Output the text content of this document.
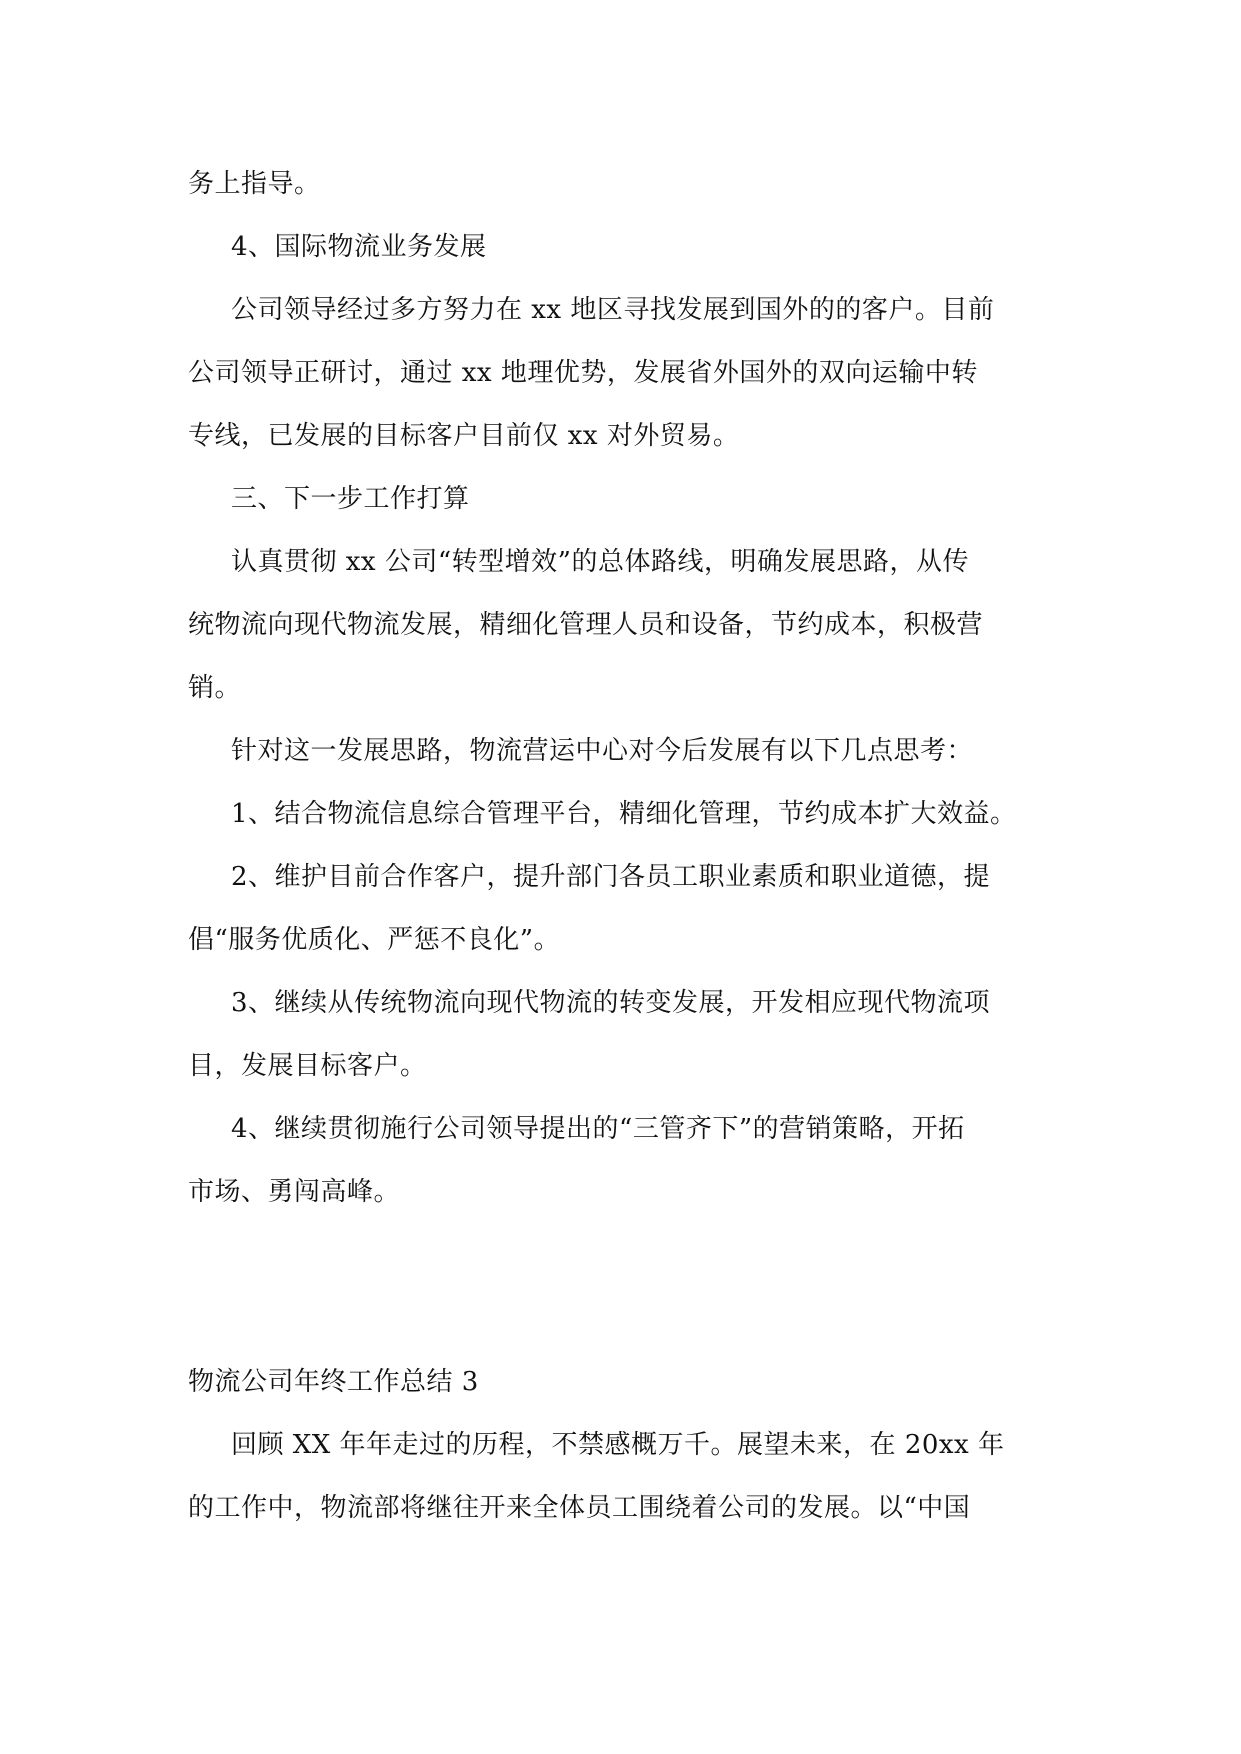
务上指导。
4、国际物流业务发展
公司领导经过多方努力在 xx 地区寻找发展到国外的的客户。目前
公司领导正研讨，通过 xx 地理优势，发展省外国外的双向运输中转
专线，已发展的目标客户目前仅 xx 对外贸易。
三、下一步工作打算
认真贯彻 xx 公司“转型增效”的总体路线，明确发展思路，从传
统物流向现代物流发展，精细化管理人员和设备，节约成本，积极营
销。
针对这一发展思路，物流营运中心对今后发展有以下几点思考：
1、结合物流信息综合管理平台，精细化管理，节约成本扩大效益。
2、维护目前合作客户，提升部门各员工职业素质和职业道德，提
倡“服务优质化、严惩不良化”。
3、继续从传统物流向现代物流的转变发展，开发相应现代物流项
目，发展目标客户。
4、继续贯彻施行公司领导提出的“三管齐下”的营销策略，开拓
市场、勇闯高峰。
物流公司年终工作总结 3
回顾 XX 年年走过的历程，不禁感概万千。展望未来，在 20xx 年
的工作中，物流部将继往开来全体员工围绕着公司的发展。以“中国
